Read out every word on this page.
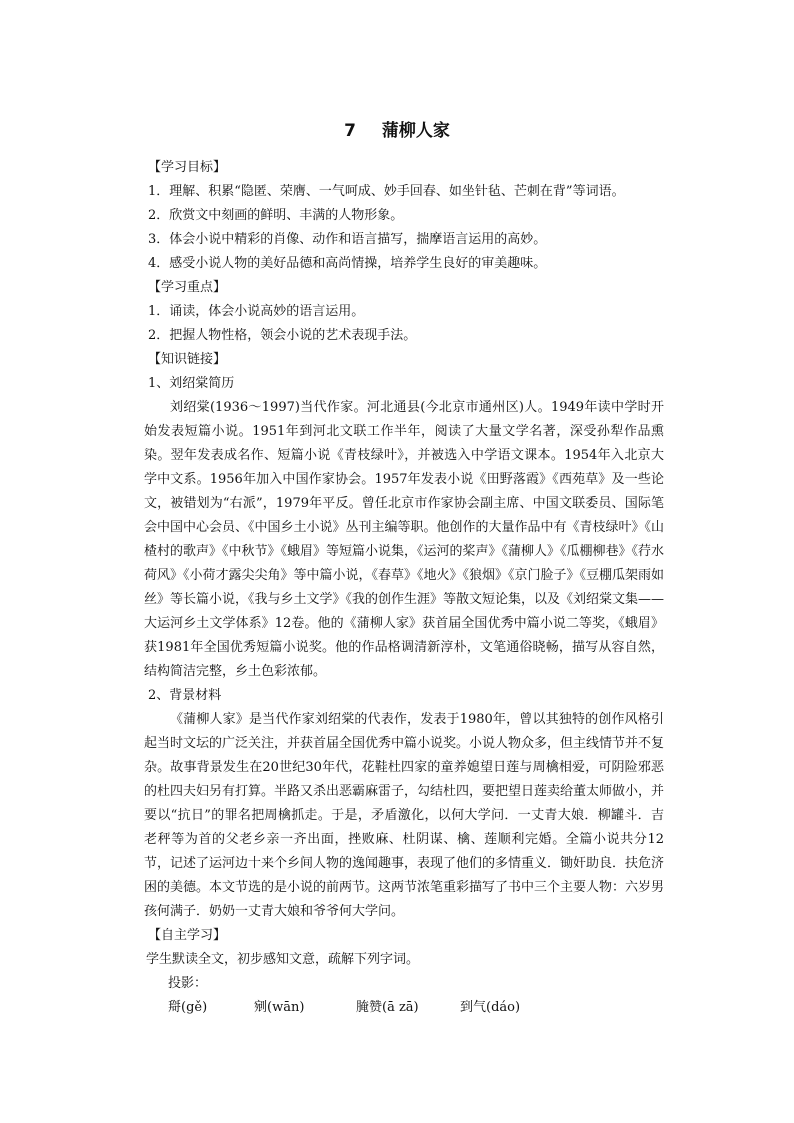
7 蒲柳人家
【学习目标】
1．理解、积累“隐匿、荣膺、一气呵成、妙手回春、如坐针毡、芒刺在背”等词语。
2．欣赏文中刻画的鲜明、丰满的人物形象。
3．体会小说中精彩的肖像、动作和语言描写，揣摩语言运用的高妙。
4．感受小说人物的美好品德和高尚情操，培养学生良好的审美趣味。
【学习重点】
1．诵读，体会小说高妙的语言运用。
2．把握人物性格，领会小说的艺术表现手法。
【知识链接】
1、刘绍棠简历

刘绍棠(1936～1997)当代作家。河北通县(今北京市通州区)人。1949年读中学时开始发表短篇小说。1951年到河北文联工作半年，阅读了大量文学名著，深受孙犁作品熏染。翌年发表成名作、短篇小说《青枝绿叶》，并被选入中学语文课本。1954年入北京大学中文系。1956年加入中国作家协会。1957年发表小说《田野落霞》《西苑草》及一些论文，被错划为“右派”，1979年平反。曾任北京市作家协会副主席、中国文联委员、国际笔会中国中心会员、《中国乡土小说》丛刊主编等职。他创作的大量作品中有《青枝绿叶》《山楂村的歌声》《中秋节》《蛾眉》等短篇小说集，《运河的桨声》《蒲柳人》《瓜棚柳巷》《荇水荷风》《小荷才露尖尖角》等中篇小说，《春草》《地火》《狼烟》《京门脸子》《豆棚瓜架雨如丝》等长篇小说，《我与乡土文学》《我的创作生涯》等散文短论集，以及《刘绍棠文集——大运河乡土文学体系》12卷。他的《蒲柳人家》获首届全国优秀中篇小说二等奖，《蛾眉》获1981年全国优秀短篇小说奖。他的作品格调清新淳朴，文笔通俗晓畅，描写从容自然，结构简洁完整，乡土色彩浓郁。

2、背景材料

《蒲柳人家》是当代作家刘绍棠的代表作，发表于1980年，曾以其独特的创作风格引起当时文坛的广泛关注，并获首届全国优秀中篇小说奖。小说人物众多，但主线情节并不复杂。故事背景发生在20世纪30年代，花鞋杜四家的童养媳望日莲与周檎相爱，可阴险邪恶的杜四夫妇另有打算。半路又杀出恶霸麻雷子，勾结杜四，要把望日莲卖给董太师做小，并要以“抗日”的罪名把周檎抓走。于是，矛盾激化，以何大学问．一丈青大娘．柳罐斗．吉老秤等为首的父老乡亲一齐出面，挫败麻、杜阴谋、檎、莲顺利完婚。全篇小说共分12节，记述了运河边十来个乡间人物的逸闻趣事，表现了他们的多情重义．锄奸助良．扶危济困的美德。本文节选的是小说的前两节。这两节浓笔重彩描写了书中三个主要人物：六岁男孩何满子．奶奶一丈青大娘和爷爷何大学问。

【自主学习】
学生默读全文，初步感知文意，疏解下列字词。
投影：
搿(gě)	剜(wān)	腌赞(ā zā)	到气(dáo)
